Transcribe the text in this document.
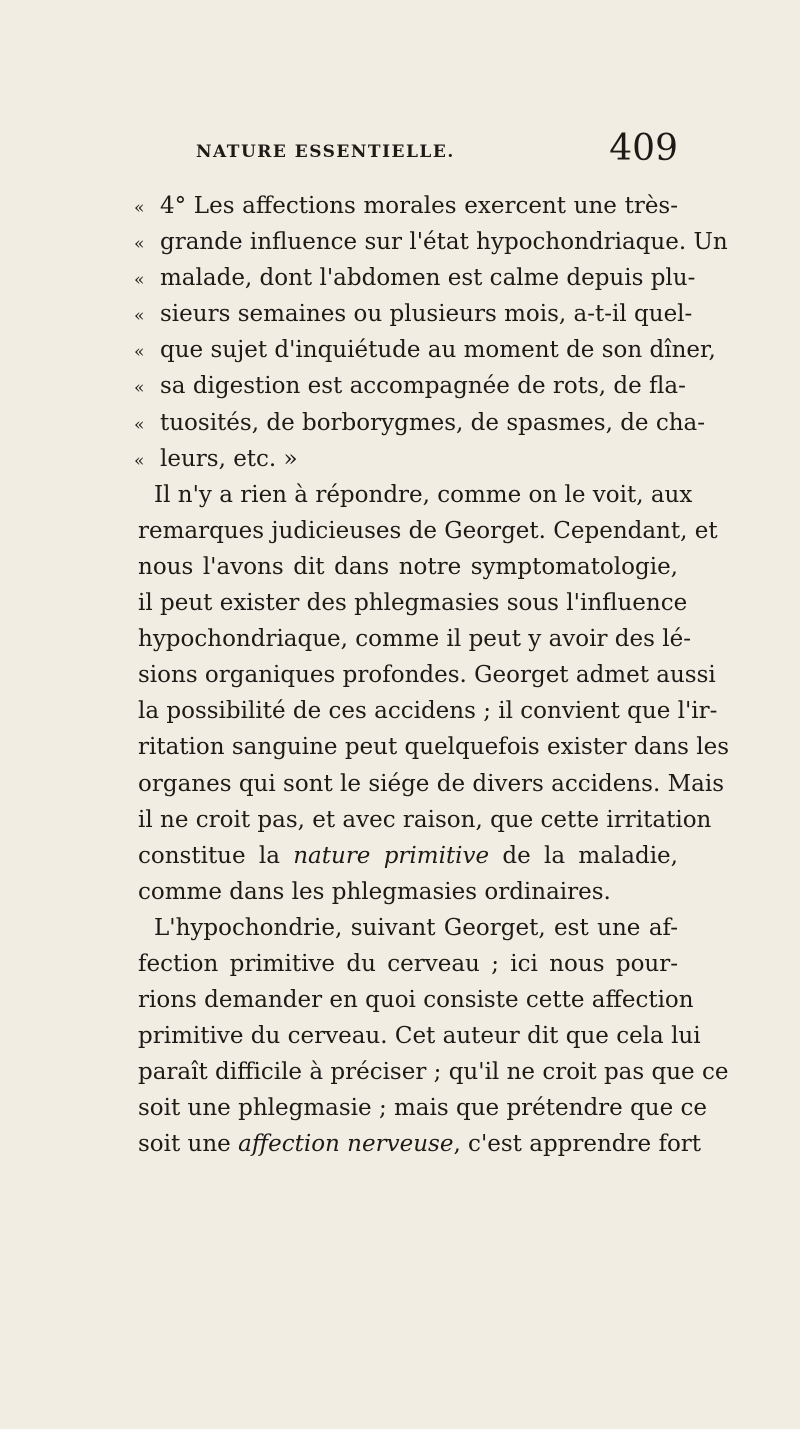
NATURE ESSENTIELLE.	409
« 4° Les affections morales exercent une très-
« grande influence sur l'état hypochondriaque. Un
« malade, dont l'abdomen est calme depuis plu-
« sieurs semaines ou plusieurs mois, a-t-il quel-
« que sujet d'inquiétude au moment de son dîner,
« sa digestion est accompagnée de rots, de fla-
« tuosités, de borborygmes, de spasmes, de cha-
« leurs, etc. »
Il n'y a rien à répondre, comme on le voit, aux
remarques judicieuses de Georget. Cependant, et
nous l'avons dit dans notre symptomatologie,
il peut exister des phlegmasies sous l'influence
hypochondriaque, comme il peut y avoir des lé-
sions organiques profondes. Georget admet aussi
la possibilité de ces accidens ; il convient que l'ir-
ritation sanguine peut quelquefois exister dans les
organes qui sont le siége de divers accidens. Mais
il ne croit pas, et avec raison, que cette irritation
constitue la nature primitive de la maladie,
comme dans les phlegmasies ordinaires.
L'hypochondrie, suivant Georget, est une af-
fection primitive du cerveau ; ici nous pour-
rions demander en quoi consiste cette affection
primitive du cerveau. Cet auteur dit que cela lui
paraît difficile à préciser ; qu'il ne croit pas que ce
soit une phlegmasie ; mais que prétendre que ce
soit une affection nerveuse, c'est apprendre fort
